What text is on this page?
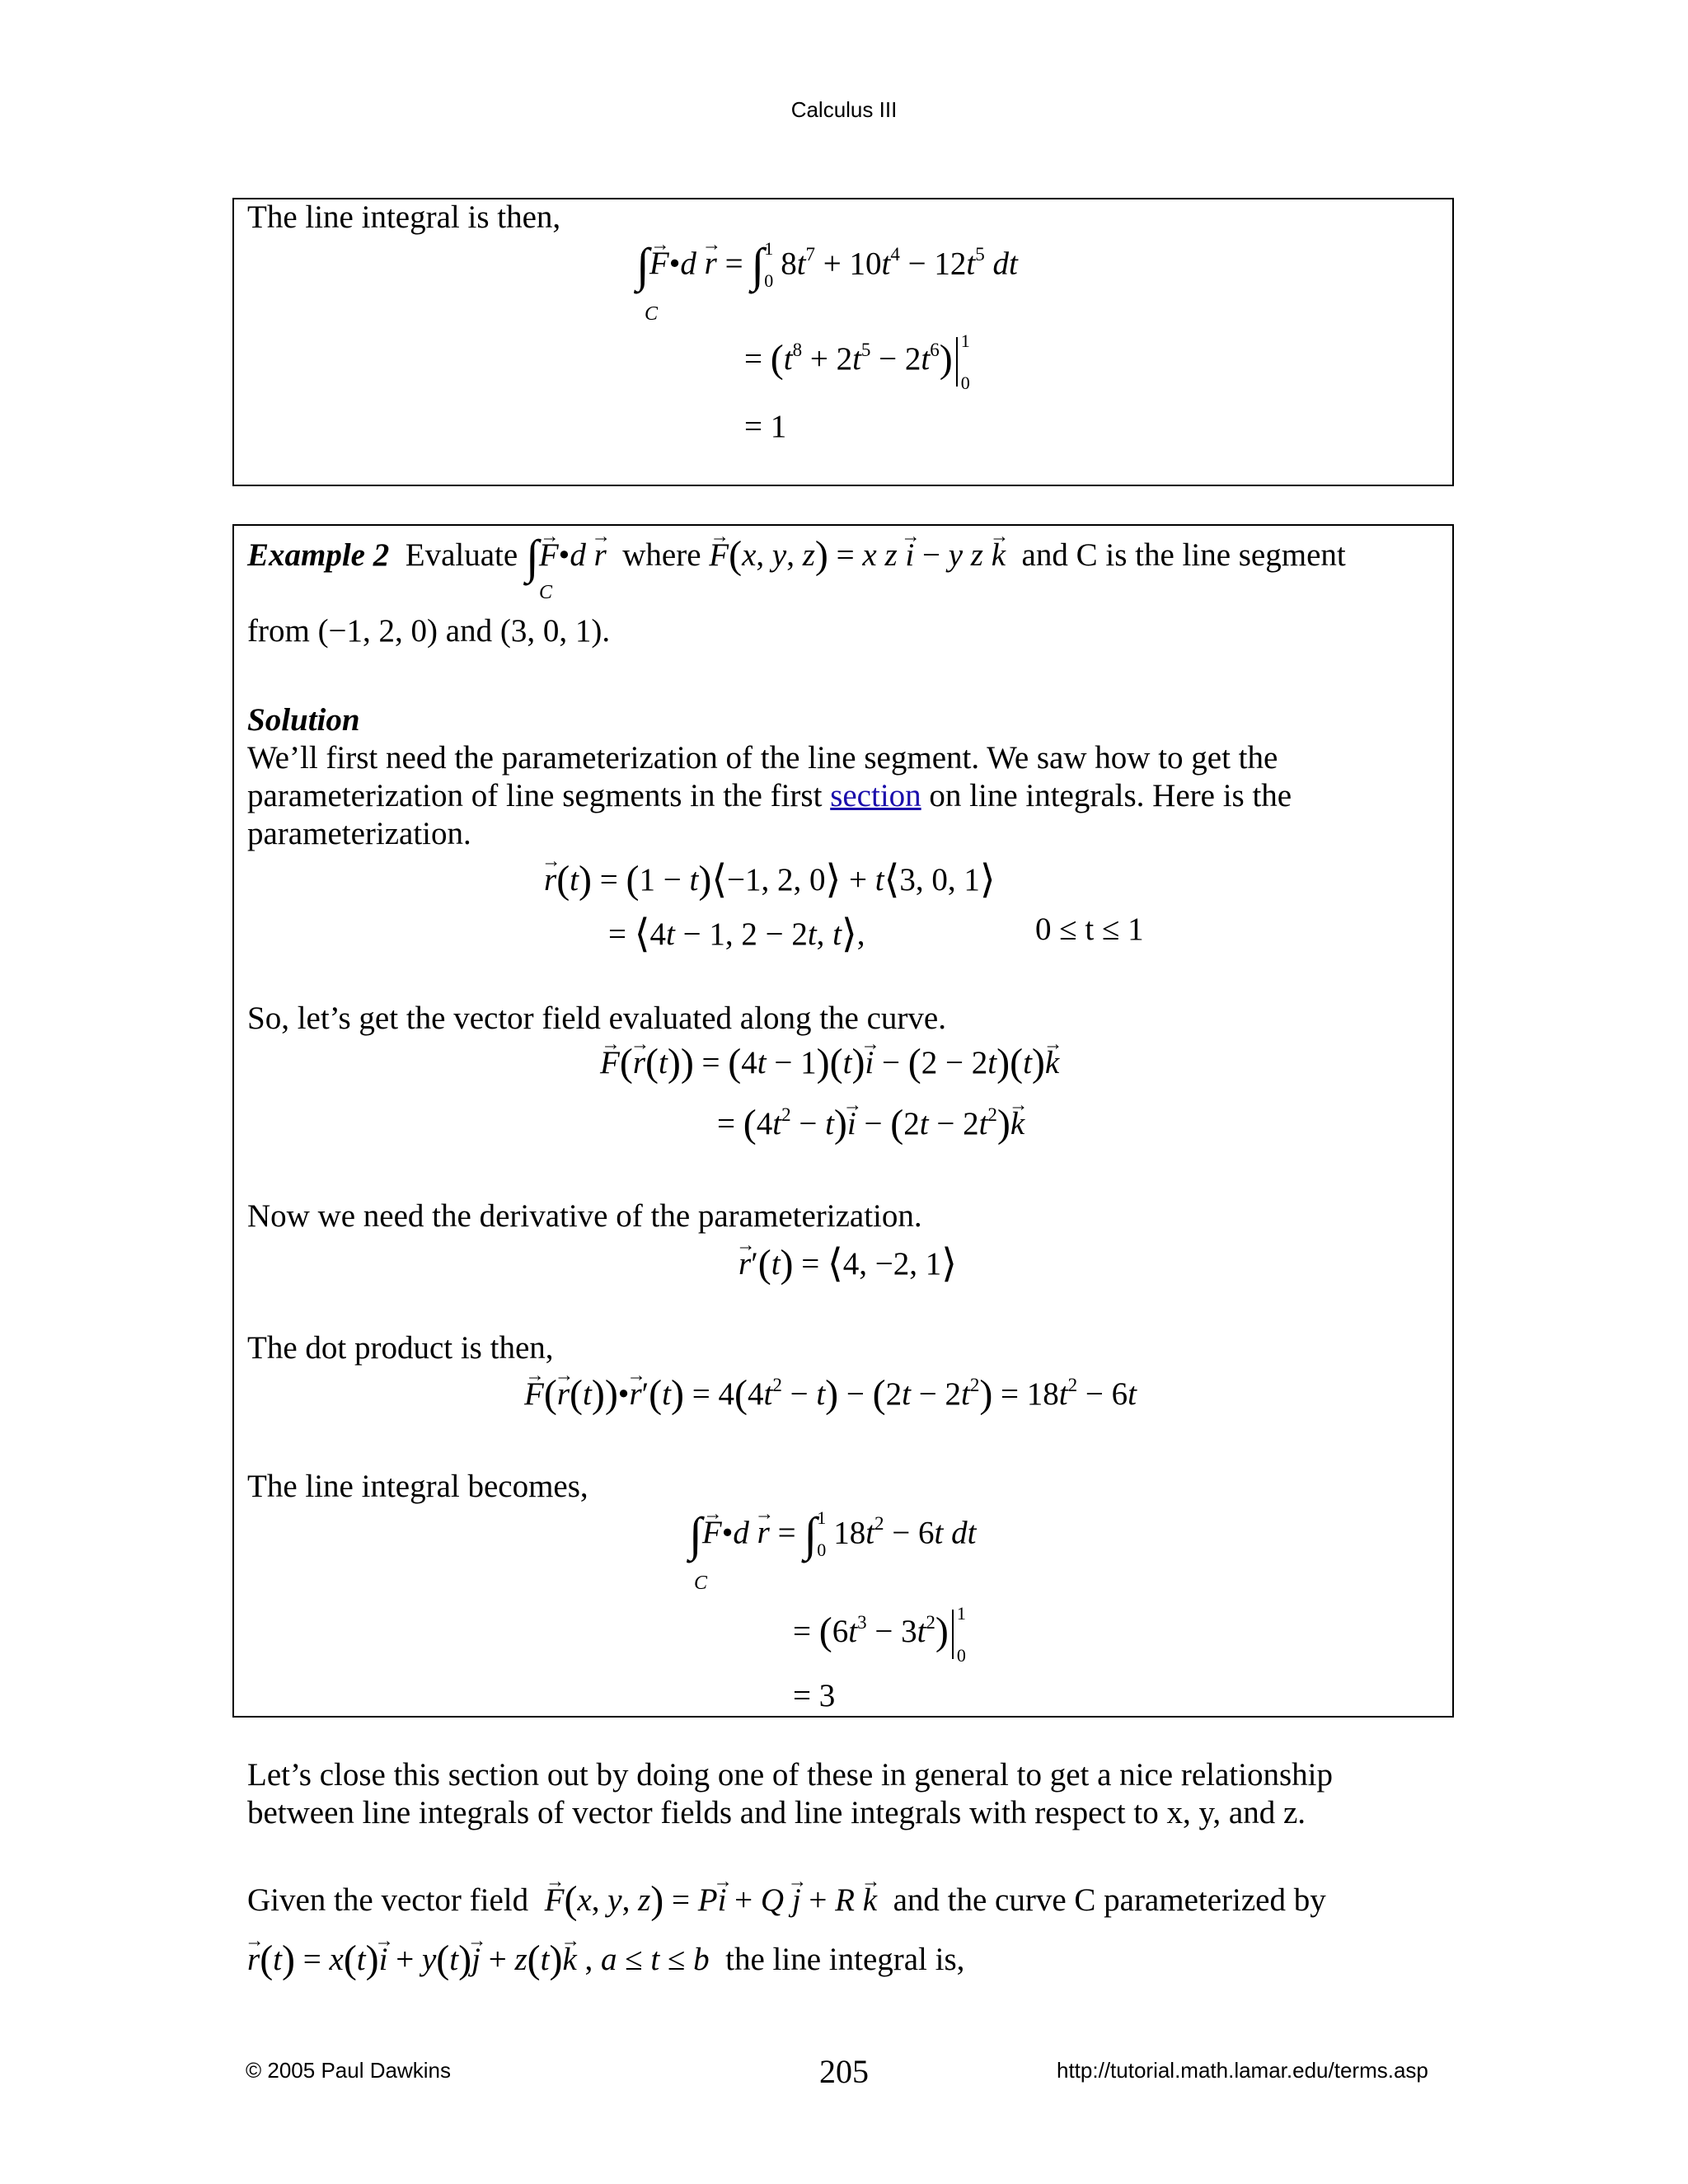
Calculus III
The line integral is then,
∫→ F•d → r = ∫ 1
0 $8t^7 + 10t^4 - 12t^5$ dt
C
= $(t^8 + 2t^5 - 2t^6)$ 1
0
= 1
Example 2 Evaluate ∫→ F•d → r where → F(x, y, z) = x z → i − y z → k and C is the line segment
C
from (−1, 2, 0) and (3, 0, 1).
Solution
We’ll first need the parameterization of the line segment. We saw how to get the
parameterization of line segments in the first section on line integrals. Here is the
parameterization.
→ r(t) = (1 − t)⟨−1, 2, 0⟩ + t⟨3, 0, 1⟩
= ⟨4t − 1, 2 − 2t, t⟩,	0 ≤ t ≤ 1
So, let’s get the vector field evaluated along the curve.
→ F(→ r(t)) = (4t − 1)(t)→ i − (2 − 2t)(t)→ k
= $(4t^2 - t)\to i - (2t - 2t^2)\to k$
Now we need the derivative of the parameterization.
→ r′(t) = ⟨4, −2, 1⟩
The dot product is then,
→ F(→ r(t))•→ $r'(t) = 4(4t^2 - t) - (2t - 2t^2) = 18t^2 - 6t$
The line integral becomes,
∫→ F•d → r = ∫ 1
0 $18t^2 - 6t$ dt
C
= $(6t^3 - 3t^2)$ 1
0
= 3
Let’s close this section out by doing one of these in general to get a nice relationship
between line integrals of vector fields and line integrals with respect to x, y, and z.
Given the vector field → F(x, y, z) = P→ i + Q → j + R → k and the curve C parameterized by
→ r(t) = x(t)→ i + y(t)→ j + z(t)→ k , a ≤ t ≤ b the line integral is,
© 2005 Paul Dawkins	205	http://tutorial.math.lamar.edu/terms.asp
